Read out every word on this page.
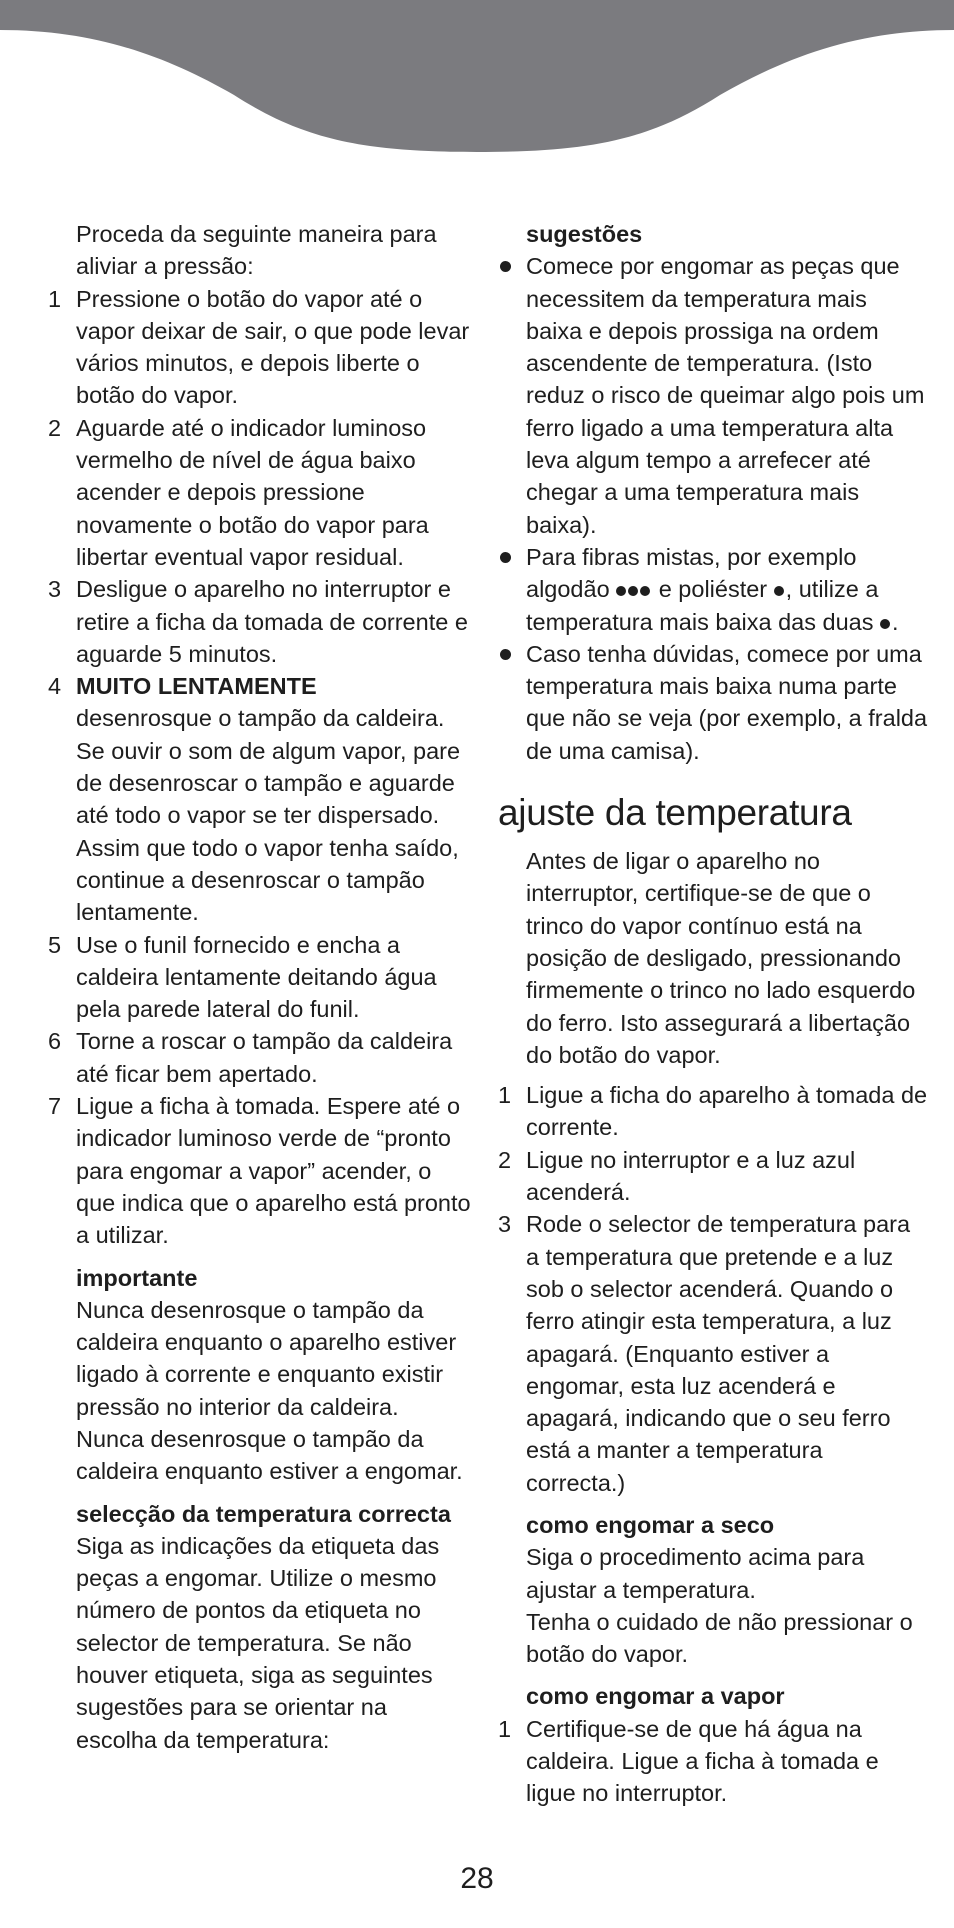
Proceda da seguinte maneira para aliviar a pressão:

1 Pressione o botão do vapor até o vapor deixar de sair, o que pode levar vários minutos, e depois liberte o botão do vapor.
2 Aguarde até o indicador luminoso vermelho de nível de água baixo acender e depois pressione novamente o botão do vapor para libertar eventual vapor residual.
3 Desligue o aparelho no interruptor e retire a ficha da tomada de corrente e aguarde 5 minutos.
4 MUITO LENTAMENTE
desenrosque o tampão da caldeira. Se ouvir o som de algum vapor, pare de desenroscar o tampão e aguarde até todo o vapor se ter dispersado. Assim que todo o vapor tenha saído, continue a desenroscar o tampão lentamente.
5 Use o funil fornecido e encha a caldeira lentamente deitando água pela parede lateral do funil.
6 Torne a roscar o tampão da caldeira até ficar bem apertado.
7 Ligue a ficha à tomada. Espere até o indicador luminoso verde de “pronto para engomar a vapor” acender, o que indica que o aparelho está pronto a utilizar.

importante

Nunca desenrosque o tampão da caldeira enquanto o aparelho estiver ligado à corrente e enquanto existir pressão no interior da caldeira. Nunca desenrosque o tampão da caldeira enquanto estiver a engomar.

selecção da temperatura correcta

Siga as indicações da etiqueta das peças a engomar. Utilize o mesmo número de pontos da etiqueta no selector de temperatura. Se não houver etiqueta, siga as seguintes sugestões para se orientar na escolha da temperatura:

sugestões

Comece por engomar as peças que necessitem da temperatura mais baixa e depois prossiga na ordem ascendente de temperatura. (Isto reduz o risco de queimar algo pois um ferro ligado a uma temperatura alta leva algum tempo a arrefecer até chegar a uma temperatura mais baixa).
Para fibras mistas, por exemplo algodão e poliéster , utilize a temperatura mais baixa das duas .
Caso tenha dúvidas, comece por uma temperatura mais baixa numa parte que não se veja (por exemplo, a fralda de uma camisa).
ajuste da temperatura

Antes de ligar o aparelho no interruptor, certifique-se de que o trinco do vapor contínuo está na posição de desligado, pressionando firmemente o trinco no lado esquerdo do ferro. Isto assegurará a libertação do botão do vapor.

1 Ligue a ficha do aparelho à tomada de corrente.
2 Ligue no interruptor e a luz azul acenderá.
3 Rode o selector de temperatura para a temperatura que pretende e a luz sob o selector acenderá. Quando o ferro atingir esta temperatura, a luz apagará. (Enquanto estiver a engomar, esta luz acenderá e apagará, indicando que o seu ferro está a manter a temperatura correcta.)

como engomar a seco

Siga o procedimento acima para ajustar a temperatura.

Tenha o cuidado de não pressionar o botão do vapor.

como engomar a vapor

1 Certifique-se de que há água na caldeira. Ligue a ficha à tomada e ligue no interruptor.
28
